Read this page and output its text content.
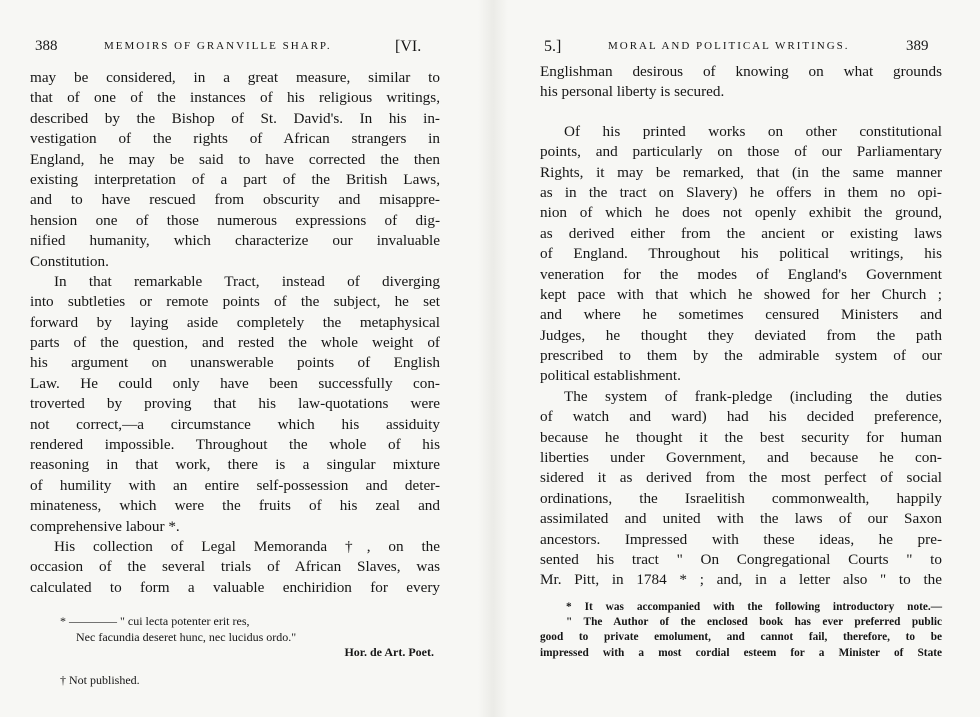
388	MEMOIRS OF GRANVILLE SHARP.	[VI.
may be considered, in a great measure, similar to
that of one of the instances of his religious writings,
described by the Bishop of St. David's. In his in-
vestigation of the rights of African strangers in
England, he may be said to have corrected the then
existing interpretation of a part of the British Laws,
and to have rescued from obscurity and misappre-
hension one of those numerous expressions of dig-
nified humanity, which characterize our invaluable
Constitution.
In that remarkable Tract, instead of diverging
into subtleties or remote points of the subject, he set
forward by laying aside completely the metaphysical
parts of the question, and rested the whole weight of
his argument on unanswerable points of English
Law. He could only have been successfully con-
troverted by proving that his law-quotations were
not correct,—a circumstance which his assiduity
rendered impossible. Throughout the whole of his
reasoning in that work, there is a singular mixture
of humility with an entire self-possession and deter-
minateness, which were the fruits of his zeal and
comprehensive labour *.
His collection of Legal Memoranda †, on the
occasion of the several trials of African Slaves, was
calculated to form a valuable enchiridion for every
* ———— " cui lecta potenter erit res,
Nec facundia deseret hunc, nec lucidus ordo."
Hor. de Art. Poet.
† Not published.
5.]	MORAL AND POLITICAL WRITINGS.	389
Englishman desirous of knowing on what grounds
his personal liberty is secured.
Of his printed works on other constitutional
points, and particularly on those of our Parliamentary
Rights, it may be remarked, that (in the same manner
as in the tract on Slavery) he offers in them no opi-
nion of which he does not openly exhibit the ground,
as derived either from the ancient or existing laws
of England. Throughout his political writings, his
veneration for the modes of England's Government
kept pace with that which he showed for her Church ;
and where he sometimes censured Ministers and
Judges, he thought they deviated from the path
prescribed to them by the admirable system of our
political establishment.
The system of frank-pledge (including the duties
of watch and ward) had his decided preference,
because he thought it the best security for human
liberties under Government, and because he con-
sidered it as derived from the most perfect of social
ordinations, the Israelitish commonwealth, happily
assimilated and united with the laws of our Saxon
ancestors. Impressed with these ideas, he pre-
sented his tract " On Congregational Courts " to
Mr. Pitt, in 1784 * ; and, in a letter also " to the
* It was accompanied with the following introductory note.—
" The Author of the enclosed book has ever preferred public
good to private emolument, and cannot fail, therefore, to be
impressed with a most cordial esteem for a Minister of State
